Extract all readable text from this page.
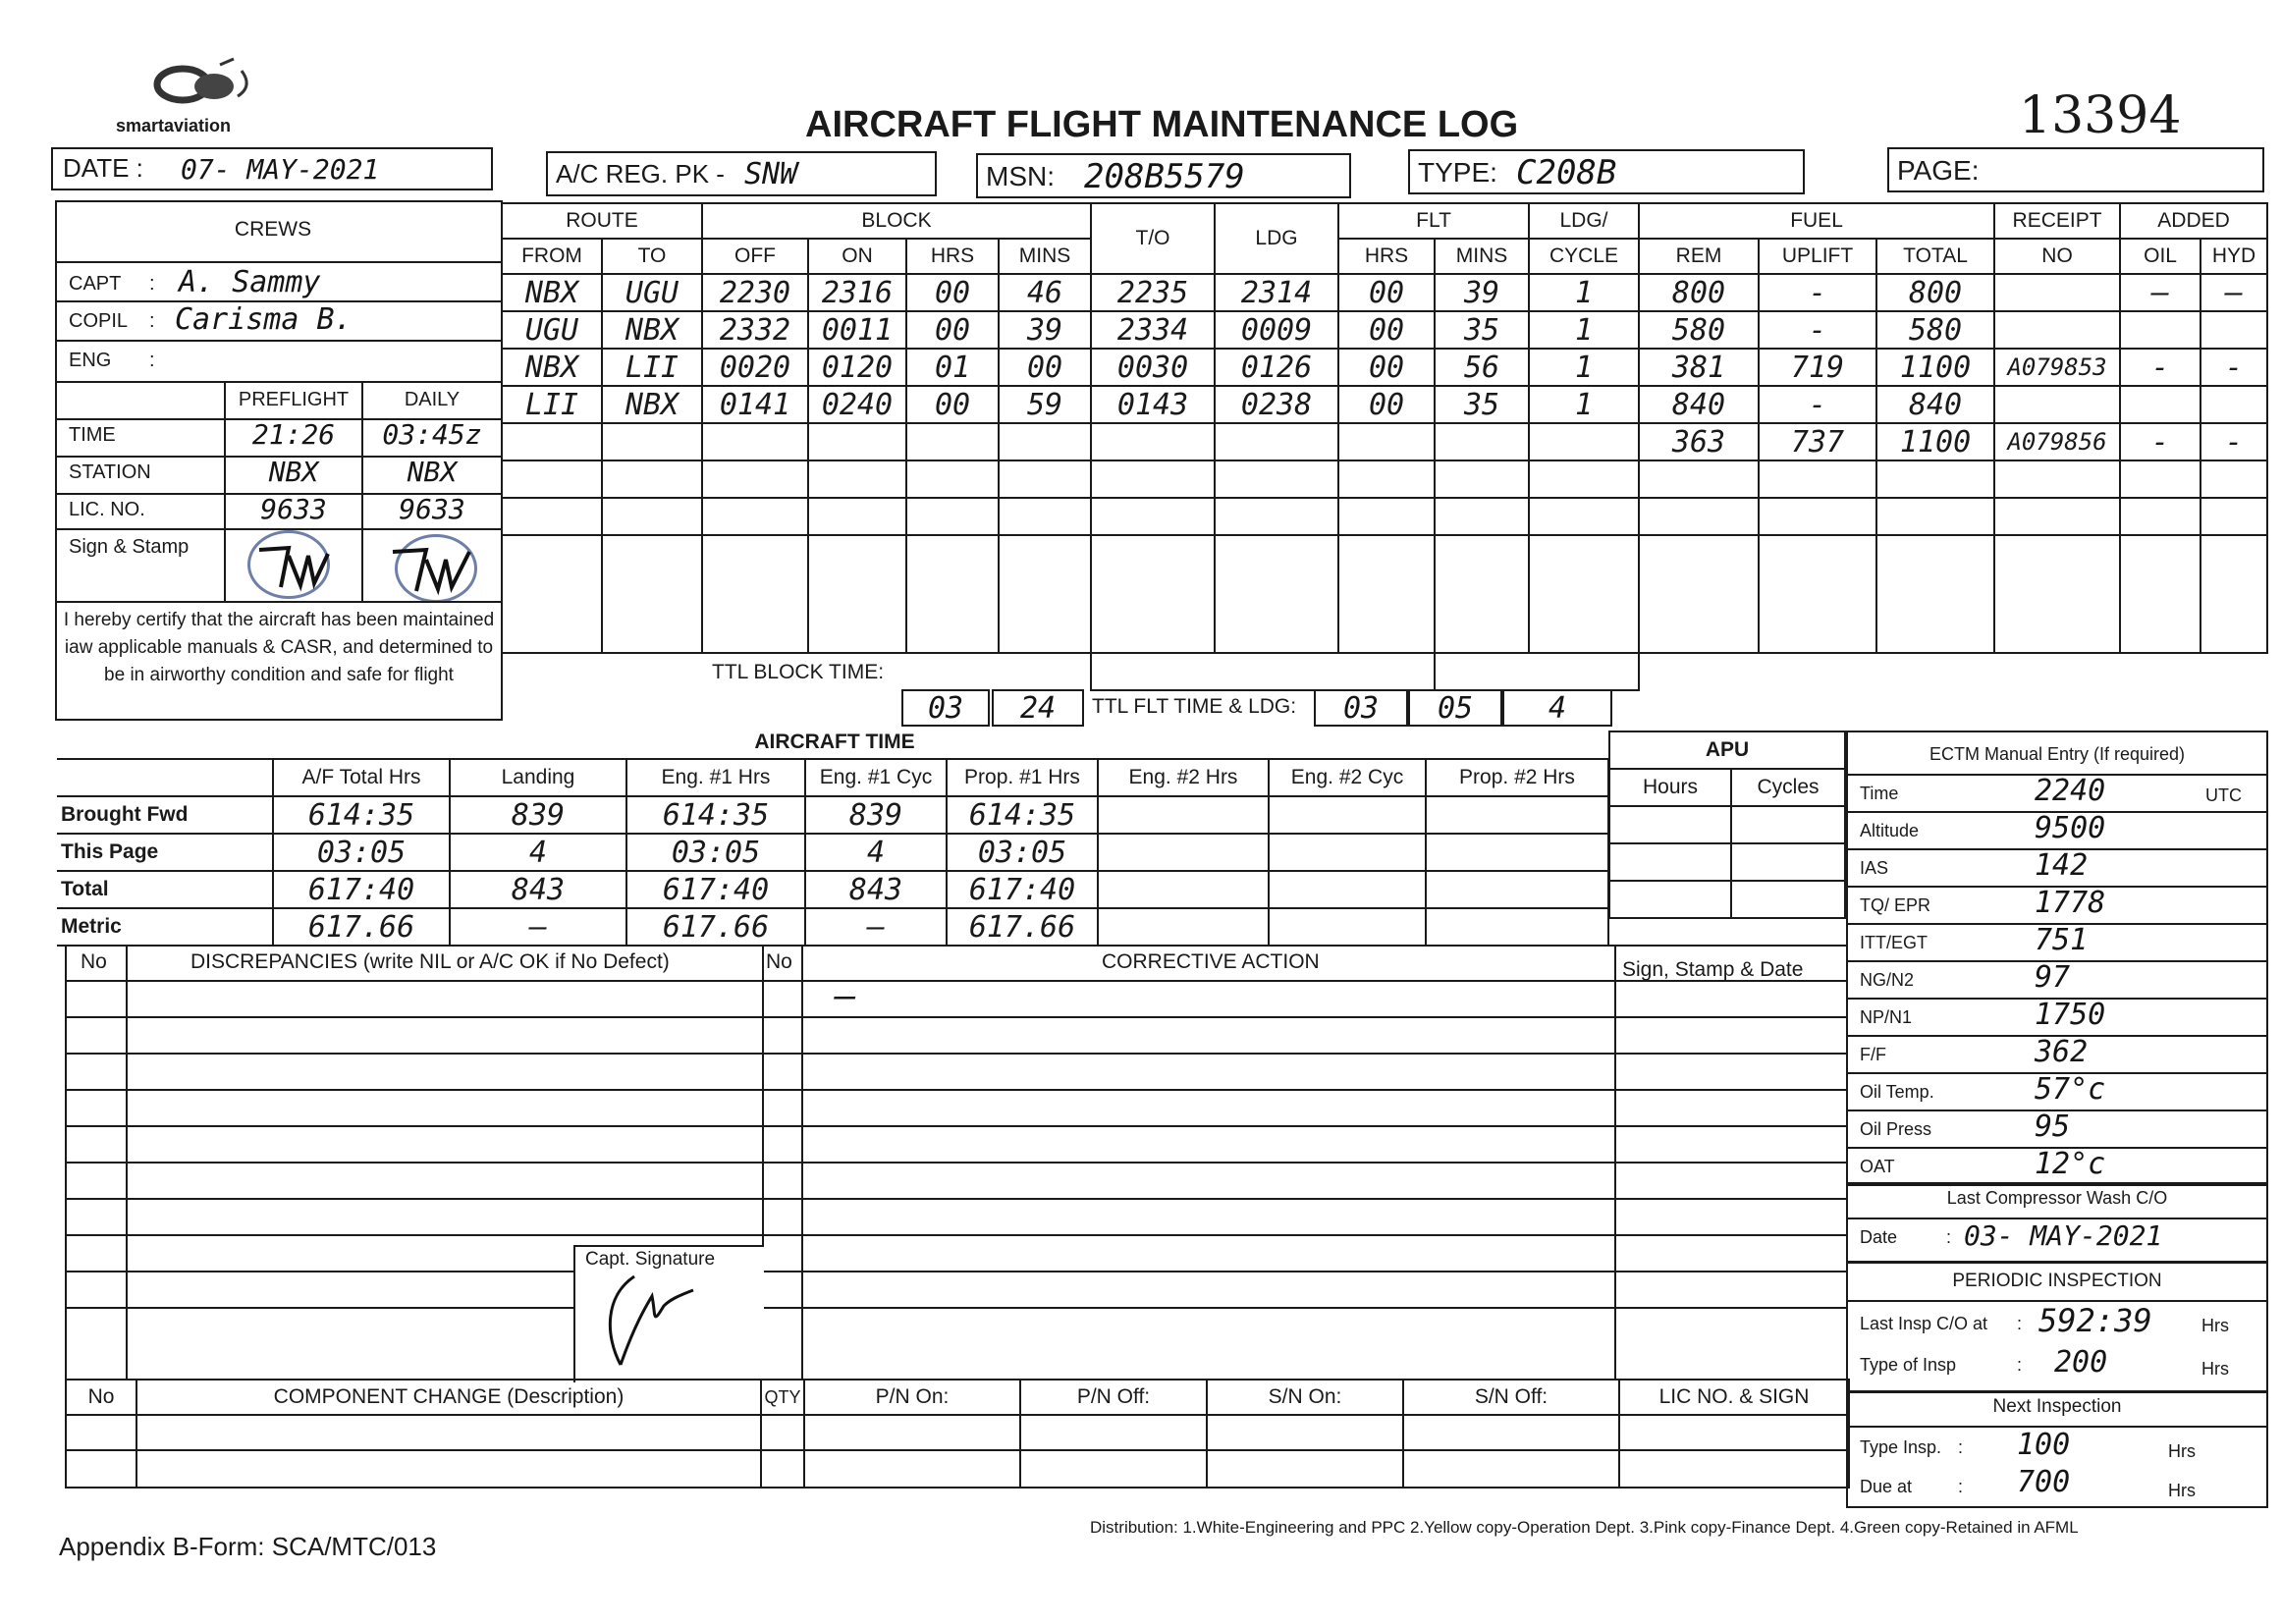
smartaviation	AIRCRAFT FLIGHT MAINTENANCE LOG	13394
DATE : 07- MAY-2021	A/C REG. PK - SNW	MSN: 208B5579	TYPE: C208B	PAGE:
CREWS
CAPT : A. Sammy
COPIL : Carisma B.
ENG :
PREFLIGHT	DAILY
TIME	21:26	03:45z
STATION	NBX	NBX
LIC. NO.	9633	9633
Sign & Stamp
I hereby certify that the aircraft has been maintained iaw applicable manuals & CASR, and determined to be in airworthy condition and safe for flight
ROUTE		BLOCK				T/O	LDG	FLT		LDG/	FUEL			RECEIPT	ADDED	
FROM	TO	OFF	ON	HRS	MINS			HRS	MINS	CYCLE	REM	UPLIFT	TOTAL	NO	OIL	HYD
NBX	UGU	2230	2316	00	46	2235	2314	00	39	1	800	-	800		—	—
UGU	NBX	2332	0011	00	39	2334	0009	00	35	1	580	-	580			
NBX	LII	0020	0120	01	00	0030	0126	00	56	1	381	719	1100	A079853	-	-
LII	NBX	0141	0240	00	59	0143	0238	00	35	1	840	-	840			
											363	737	1100	A079856	-	-

TTL BLOCK TIME:																
03	24	TTL FLT TIME & LDG:	03	05	4
AIRCRAFT TIME
	A/F Total Hrs	Landing	Eng. #1 Hrs	Eng. #1 Cyc	Prop. #1 Hrs	Eng. #2 Hrs	Eng. #2 Cyc	Prop. #2 Hrs
Brought Fwd	614:35	839	614:35	839	614:35			
This Page	03:05	4	03:05	4	03:05			
Total	617:40	843	617:40	843	617:40			
Metric	617.66	—	617.66	—	617.66			
APU	
Hours	Cycles

No	DISCREPANCIES (write NIL or A/C OK if No Defect)	No	CORRECTIVE ACTION	Sign, Stamp & Date
—
Capt. Signature
No	COMPONENT CHANGE (Description)	QTY	P/N On:	P/N Off:	S/N On:	S/N Off:	LIC NO. & SIGN

ECTM Manual Entry (If required)
Time	2240	UTC
Altitude	9500
IAS	142
TQ/ EPR	1778
ITT/EGT	751
NG/N2	97
NP/N1	1750
F/F	362
Oil Temp.	57°c
Oil Press	95
OAT	12°c
Last Compressor Wash C/O
Date	: 03- MAY-2021
PERIODIC INSPECTION
Last Insp C/O at : 592:39	Hrs
Type of Insp	: 200	Hrs
Next Inspection
Type Insp. : 100	Hrs
Due at	: 700	Hrs
Appendix B-Form: SCA/MTC/013
Distribution: 1.White-Engineering and PPC 2.Yellow copy-Operation Dept. 3.Pink copy-Finance Dept. 4.Green copy-Retained in AFML
